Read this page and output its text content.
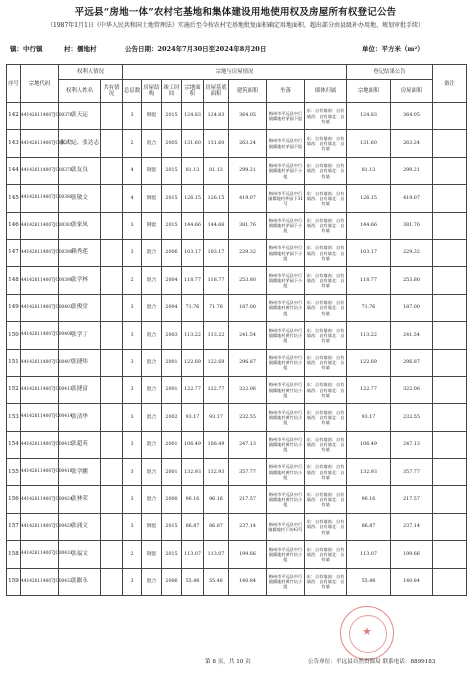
平远县“房地一体”农村宅基地和集体建设用地使用权及房屋所有权登记公告
（1987年1月1日《中华人民共和国土地管理法》实施后至今按农村宅基地批复面积确定用地面积，超出部分由县级补办用地、规划审批手续）
镇：中行镇	村：儒地村	公告日期：2024年7月30日至2024年8月20日	单位：平方米（m²）
序号	宗地代码	权利人情况		宗地与房屋情况								登记结果公告		备注
		权利人姓名	共有情况	总层数	房屋结构	竣工时间	宗地面积	房屋基底面积	建筑面积	坐落	墙体归属	宗地面积	房屋面积	
142	441426114007JC00376	张天运		3	钢混	2015	124.83	124.83	364.05	梅州市平远县中行镇儒地村茅园下组	东：自有墙南：自有墙西：自有墙北：自有墙	124.83	364.05	
143	441426114007JC00377	张天运、张达志		2	混合	2005	131.60	131.60	263.24	梅州市平远县中行镇儒地村茅园下组	东：自有墙南：自有墙西：自有墙北：自有墙	131.60	263.24	
144	441426114007JC00378	张友良		4	钢混	2015	81.13	81.13	299.21	梅州市平远县中行镇儒地村茅园下小组	东：自有墙南：自有墙西：自有墙北：自有墙	81.13	299.21	
145	441426114007JC00380	张敬文		4	钢混	2015	126.15	126.15	419.07	梅州市平远县中行镇儒地村茅园下31号	东：自有墙南：自有墙西：自有墙北：自有墙	126.15	419.07	
146	441426114007JC00381	张家凤		3	钢混	2015	144.66	144.66	381.76	梅州市平远县中行镇儒地村茅园下小组	东：自有墙南：自有墙西：自有墙北：自有墙	144.66	381.76	
147	441426114007JC00390	赖秀莲		3	混合	2006	103.17	103.17	229.32	梅州市平远县中行镇儒地村茅园下小组	东：自有墙南：自有墙西：自有墙北：自有墙	103.17	229.32	
148	441426114007JC00398	张学林		2	混合	2004	118.77	118.77	253.80	梅州市平远县中行镇儒地村茅园下小组	东：自有墙南：自有墙西：自有墙北：自有墙	118.77	253.80	
149	441426114007JC00403	张俊堂		3	混合	2004	71.76	71.76	187.00	梅州市平远县中行镇儒地村黄竹坑小组	东：自有墙南：自有墙西：自有墙北：自有墙	71.76	187.00	
150	441426114007JC00406	张学丁		3	混合	2003	113.22	113.22	241.54	梅州市平远县中行镇儒地村黄竹坑小组	东：自有墙南：自有墙西：自有墙北：自有墙	113.22	241.54	
151	441426114007JC00407	张捷炜		3	混合	2001	122.69	122.69	296.87	梅州市平远县中行镇儒地村黄竹坑小组	东：自有墙南：自有墙西：自有墙北：自有墙	122.69	296.87	
152	441426114007JC00413	张捷富		3	混合	2001	122.77	122.77	322.06	梅州市平远县中行镇儒地村黄竹坑小组	东：自有墙南：自有墙西：自有墙北：自有墙	122.77	322.06	
153	441426114007JC00414	张清华		3	混合	2002	93.17	93.17	232.55	梅州市平远县中行镇儒地村黄竹坑小组	东：自有墙南：自有墙西：自有墙北：自有墙	93.17	232.55	
154	441426114007JC00415	张超英		3	混合	2001	106.49	106.49	247.13	梅州市平远县中行镇儒地村黄竹坑小组	东：自有墙南：自有墙西：自有墙北：自有墙	106.49	247.13	
155	441426114007JC00416	张学鹏		3	混合	2001	132.93	132.93	357.77	梅州市平远县中行镇儒地村黄竹坑小组	东：自有墙南：自有墙西：自有墙北：自有墙	132.93	357.77	
156	441426114007JC00424	张林荣		3	混合	2000	96.16	96.16	217.57	梅州市平远县中行镇儒地村黄竹坑小组	东：自有墙南：自有墙西：自有墙北：自有墙	96.16	217.57	
157	441426114007JC00429	张涌文		3	钢混	2015	86.87	86.87	237.14	梅州市平远县中行镇儒地村下坊43号	东：自有墙南：自有墙西：自有墙北：自有墙	86.87	237.14	
158	441426114007JC00431	张福文		2	钢混	2015	113.07	113.07	199.66	梅州市平远县中行镇儒地村黄竹坑小组	东：自有墙南：自有墙西：自有墙北：自有墙	113.07	199.66	
159	441426114007JC00432	张踞永		3	混合	2006	55.48	55.48	140.84	梅州市平远县中行镇儒地村黄竹坑小组	东：自有墙南：自有墙西：自有墙北：自有墙	55.48	140.84	
★
第 8 页，共 10 页	公告单位：平远县自然资源局 联系电话：8899183
